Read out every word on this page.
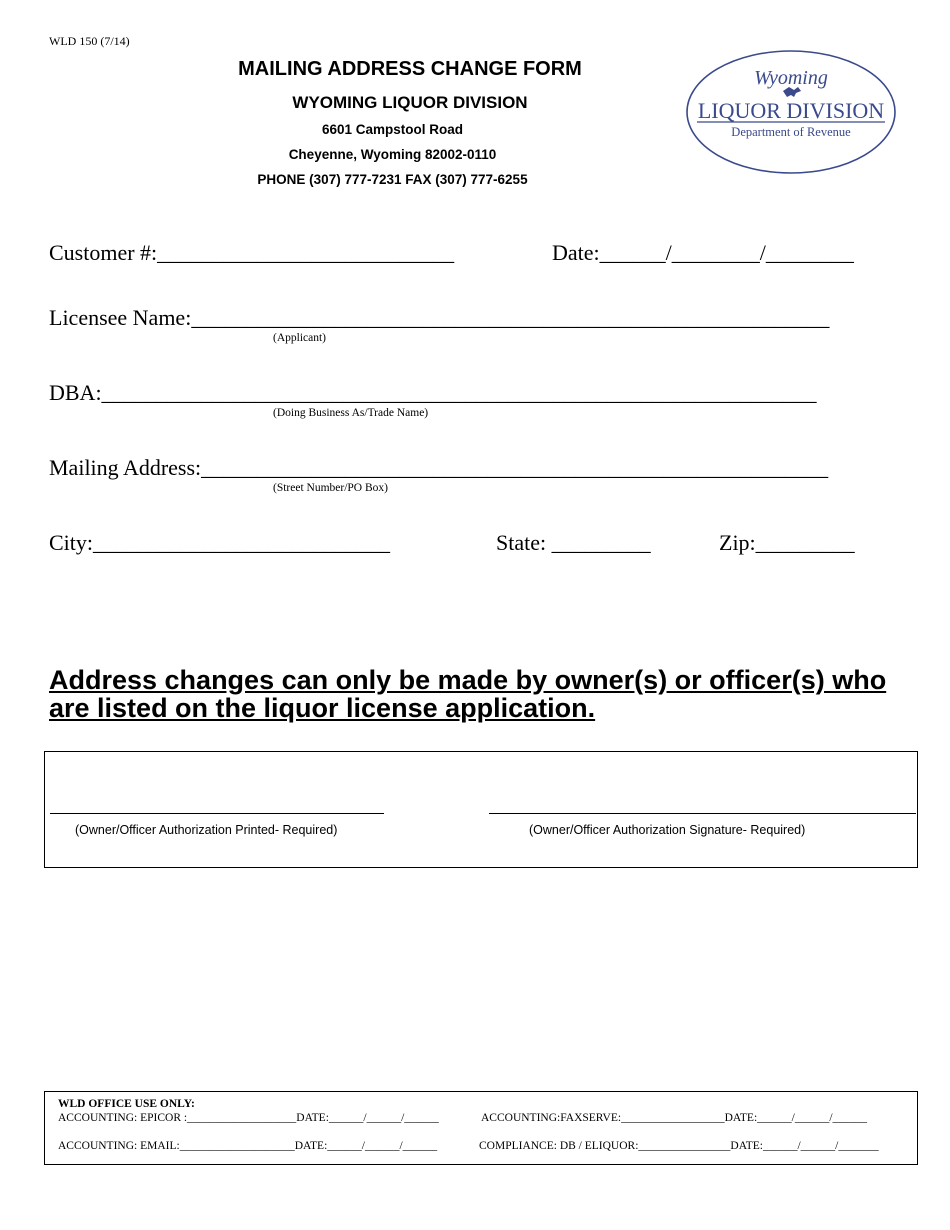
WLD 150 (7/14)
MAILING ADDRESS CHANGE FORM
WYOMING LIQUOR DIVISION
6601 Campstool Road
Cheyenne, Wyoming 82002-0110
PHONE (307) 777-7231 FAX (307) 777-6255
Wyoming
LIQUOR DIVISION
Department of Revenue
Customer #:___________________________	Date:______/________/________
Licensee Name:__________________________________________________________
(Applicant)
DBA:_________________________________________________________________
(Doing Business As/Trade Name)
Mailing Address:_________________________________________________________
(Street Number/PO Box)
City:___________________________	State: _________	Zip:_________
Address changes can only be made by owner(s) or officer(s) who
are listed on the liquor license application.
(Owner/Officer Authorization Printed- Required)	(Owner/Officer Authorization Signature- Required)
WLD OFFICE USE ONLY:
ACCOUNTING: EPICOR :___________________DATE:______/______/______	ACCOUNTING:FAXSERVE:__________________DATE:______/______/______
ACCOUNTING: EMAIL:____________________DATE:______/______/______	COMPLIANCE: DB / ELIQUOR:________________DATE:______/______/_______
